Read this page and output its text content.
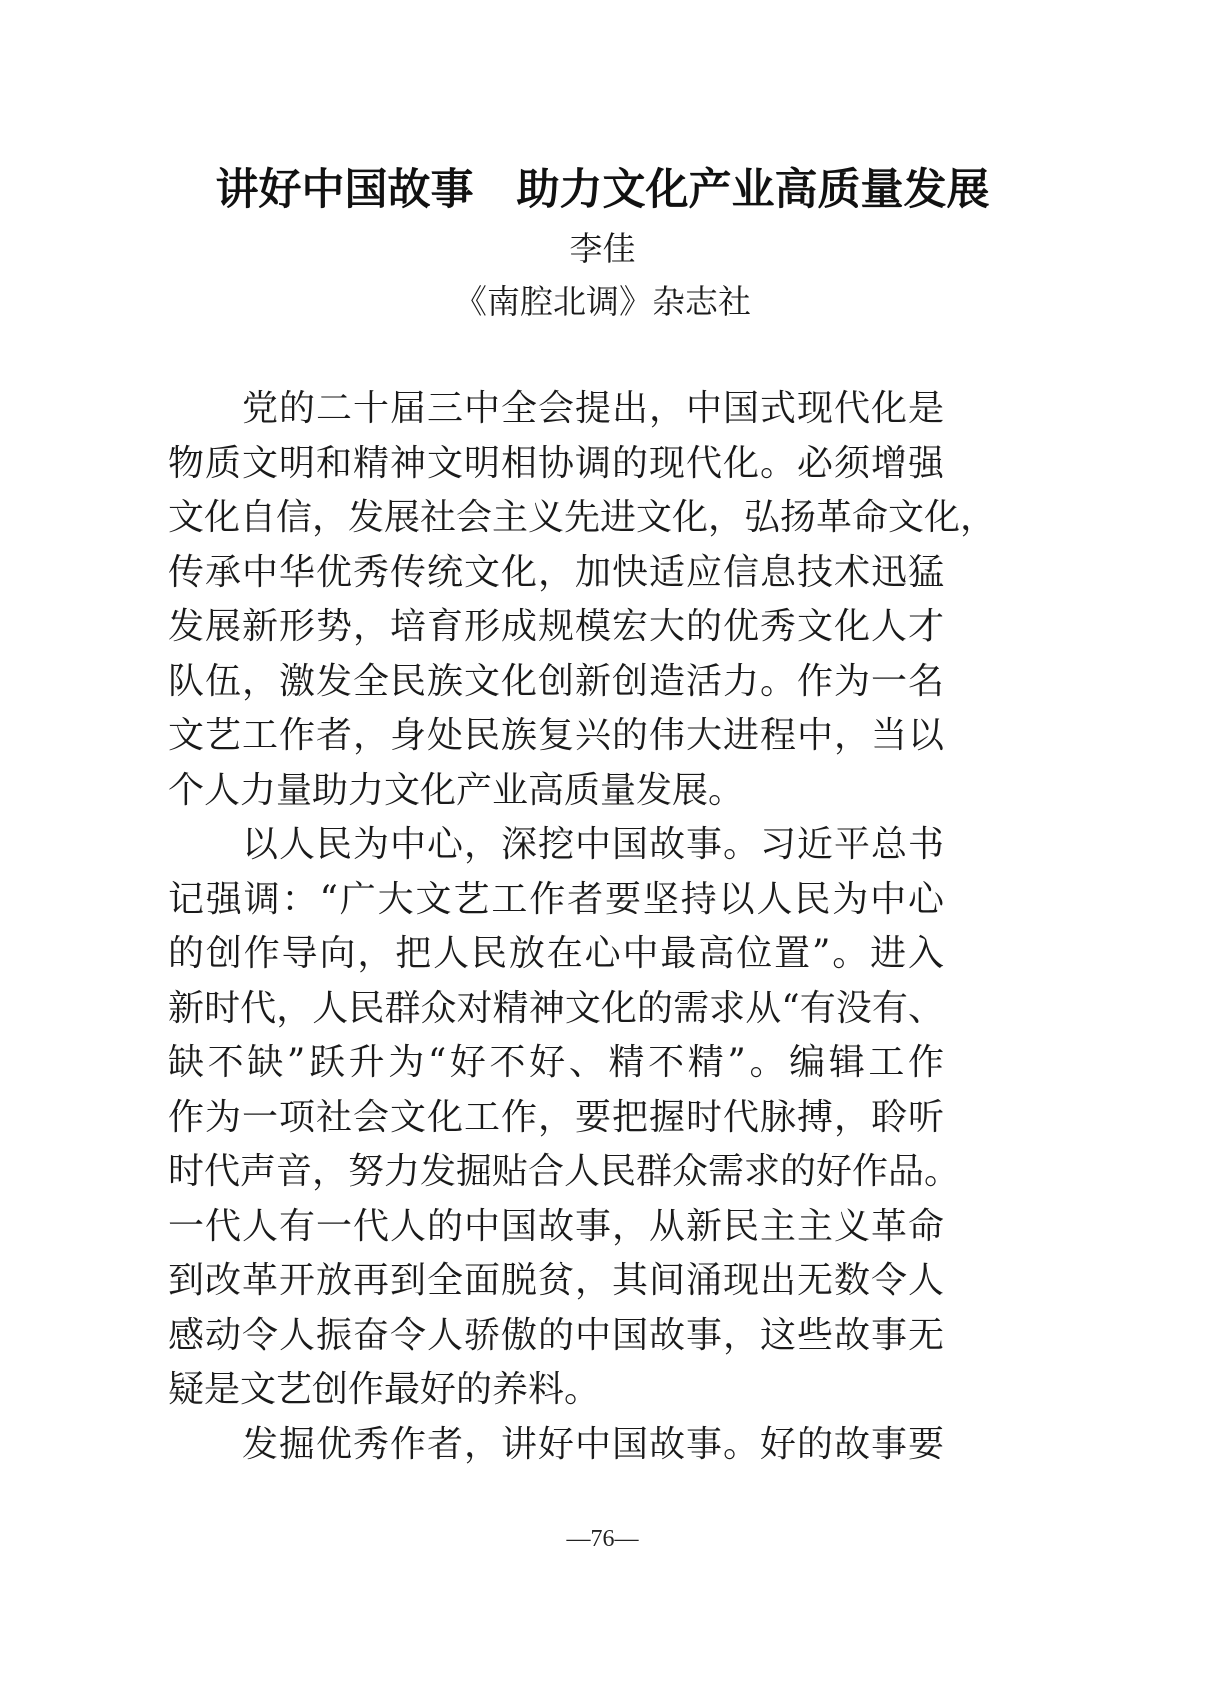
讲好中国故事　助力文化产业高质量发展
李佳
《南腔北调》杂志社
党的二十届三中全会提出，中国式现代化是
物质文明和精神文明相协调的现代化。必须增强
文化自信，发展社会主义先进文化，弘扬革命文化，
传承中华优秀传统文化，加快适应信息技术迅猛
发展新形势，培育形成规模宏大的优秀文化人才
队伍，激发全民族文化创新创造活力。作为一名
文艺工作者，身处民族复兴的伟大进程中，当以
个人力量助力文化产业高质量发展。
以人民为中心，深挖中国故事。习近平总书
记强调：“广大文艺工作者要坚持以人民为中心
的创作导向，把人民放在心中最高位置”。进入
新时代，人民群众对精神文化的需求从“有没有、
缺不缺”跃升为“好不好、精不精”。编辑工作
作为一项社会文化工作，要把握时代脉搏，聆听
时代声音，努力发掘贴合人民群众需求的好作品。
一代人有一代人的中国故事，从新民主主义革命
到改革开放再到全面脱贫，其间涌现出无数令人
感动令人振奋令人骄傲的中国故事，这些故事无
疑是文艺创作最好的养料。
发掘优秀作者，讲好中国故事。好的故事要
—76—
